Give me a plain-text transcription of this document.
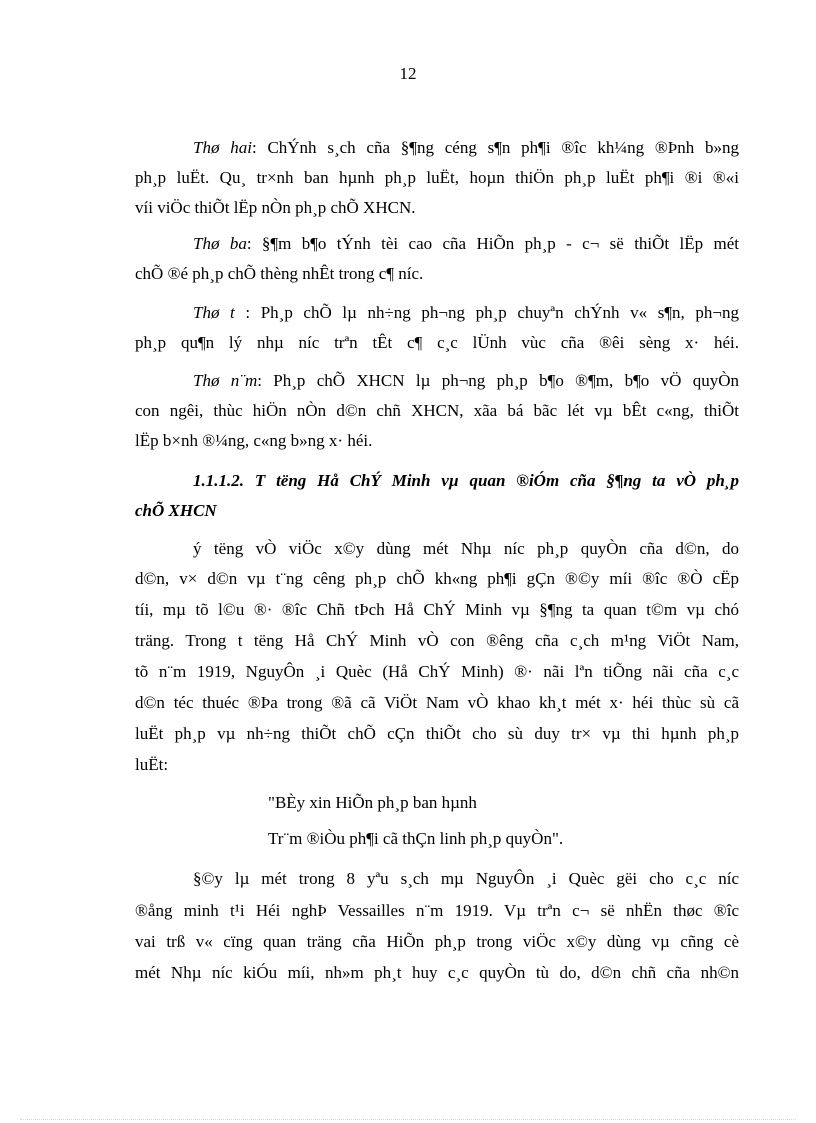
12
Thø hai: ChÝnh s¸ch cña §¶ng céng s¶n ph¶i ®îc kh¼ng ®Þnh b»ng
ph¸p luËt. Qu¸ tr×nh ban hµnh ph¸p luËt, hoµn thiÖn ph¸p luËt ph¶i ®i ®«i
víi viÖc thiÕt lËp nÒn ph¸p chÕ XHCN.
Thø ba: §¶m b¶o tÝnh tèi cao cña HiÕn ph¸p - c¬ së thiÕt lËp mét
chÕ ®é ph¸p chÕ thèng nhÊt trong c¶ níc.
Thø t : Ph¸p chÕ lµ nh÷ng ph¬ng ph¸p chuyªn chÝnh v« s¶n, ph¬ng
ph¸p qu¶n lý nhµ níc trªn tÊt c¶ c¸c lÜnh vùc cña ®êi sèng x· héi.
Thø n¨m: Ph¸p chÕ XHCN lµ ph¬ng ph¸p b¶o ®¶m, b¶o vÖ quyÒn
con ngêi, thùc hiÖn nÒn d©n chñ XHCN, xãa bá bãc lét vµ bÊt c«ng, thiÕt
lËp b×nh ®¼ng, c«ng b»ng x· héi.
1.1.1.2. T tëng Hå ChÝ Minh vµ quan ®iÓm cña §¶ng ta vÒ ph¸p
chÕ XHCN
ý tëng vÒ viÖc x©y dùng mét Nhµ níc ph¸p quyÒn cña d©n, do
d©n, v× d©n vµ t¨ng cêng ph¸p chÕ kh«ng ph¶i gÇn ®©y míi ®îc ®Ò cËp
tíi, mµ tõ l©u ®· ®îc Chñ tÞch Hå ChÝ Minh vµ §¶ng ta quan t©m vµ chó
träng. Trong t tëng Hå ChÝ Minh vÒ con ®êng cña c¸ch m¹ng ViÖt Nam,
tõ n¨m 1919, NguyÔn ¸i Quèc (Hå ChÝ Minh) ®· nãi lªn tiÕng nãi cña c¸c
d©n téc thuéc ®Þa trong ®ã cã ViÖt Nam vÒ khao kh¸t mét x· héi thùc sù cã
luËt ph¸p vµ nh÷ng thiÕt chÕ cÇn thiÕt cho sù duy tr× vµ thi hµnh ph¸p
luËt:
"BÈy xin HiÕn ph¸p ban hµnh
Tr¨m ®iÒu ph¶i cã thÇn linh ph¸p quyÒn".
§©y lµ mét trong 8 yªu s¸ch mµ NguyÔn ¸i Quèc gëi cho c¸c níc
®ång minh t¹i Héi nghÞ Vessailles n¨m 1919. Vµ trªn c¬ së nhËn thøc ®îc
vai trß v« cïng quan träng cña HiÕn ph¸p trong viÖc x©y dùng vµ cñng cè
mét Nhµ níc kiÓu míi, nh»m ph¸t huy c¸c quyÒn tù do, d©n chñ cña nh©n
